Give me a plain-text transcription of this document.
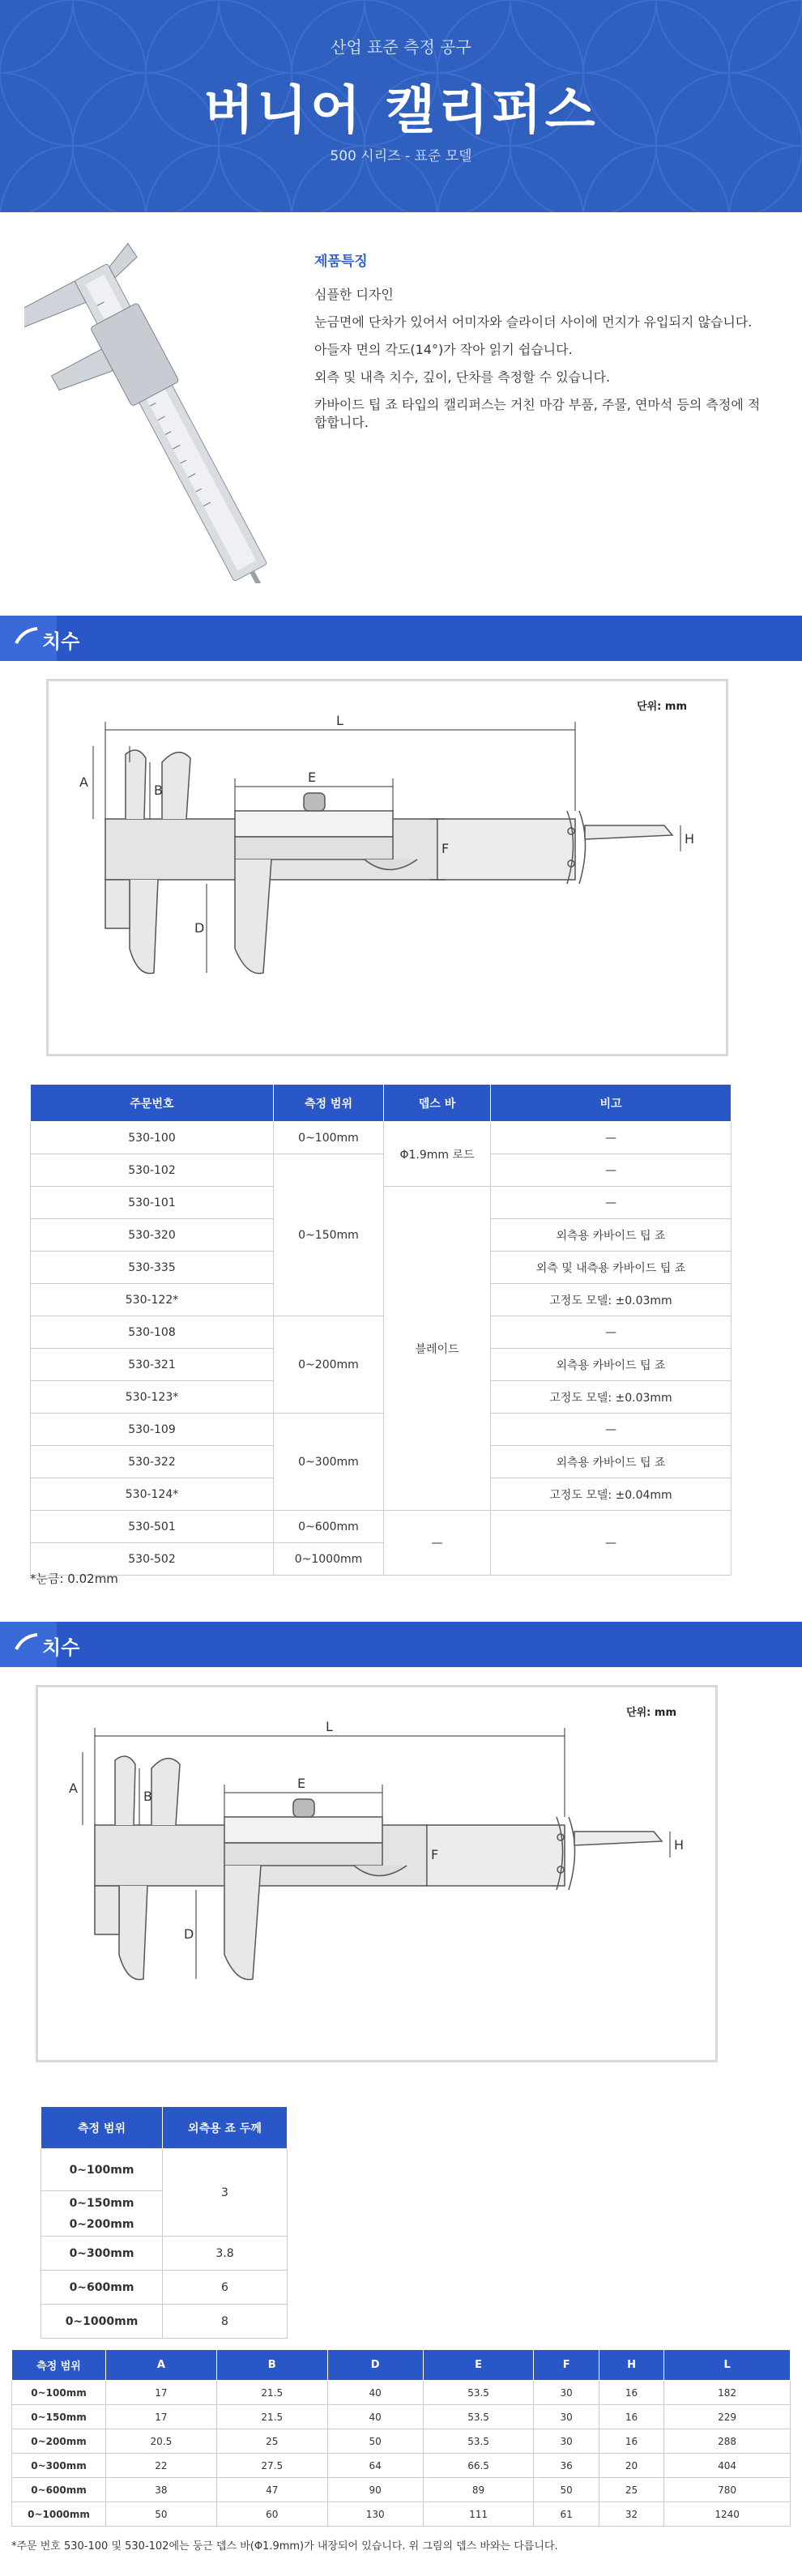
산업 표준 측정 공구
버니어 캘리퍼스
500 시리즈 - 표준 모델
제품특징

심플한 디자인

눈금면에 단차가 있어서 어미자와 슬라이더 사이에 먼지가 유입되지 않습니다.

아들자 면의 각도(14°)가 작아 읽기 쉽습니다.

외측 및 내측 치수, 깊이, 단차를 측정할 수 있습니다.

카바이드 팁 죠 타입의 캘리퍼스는 거친 마감 부품, 주물, 연마석 등의 측정에 적합합니다.

치수
단위: mm
L
A
B
E
F
H
D
주문번호	측정 범위	뎁스 바	비고
530-100	0~100mm	Φ1.9mm 로드	—
530-102	0~150mm		—
530-101		블레이드	—
530-320			외측용 카바이드 팁 죠
530-335			외측 및 내측용 카바이드 팁 죠
530-122*			고정도 모델: ±0.03mm
530-108	0~200mm		—
530-321			외측용 카바이드 팁 죠
530-123*			고정도 모델: ±0.03mm
530-109	0~300mm		—
530-322			외측용 카바이드 팁 죠
530-124*			고정도 모델: ±0.04mm
530-501	0~600mm	—	—
530-502	0~1000mm		
*눈금: 0.02mm
치수
단위: mm
L
A
B
E
F
H
D
측정 범위	외측용 죠 두께
0~100mm	3

0~150mm
0~200mm	

0~300mm	3.8
0~600mm	6
0~1000mm	8
측정 범위	A	B	D	E	F	H	L
0~100mm	17	21.5	40	53.5	30	16	182
0~150mm	17	21.5	40	53.5	30	16	229
0~200mm	20.5	25	50	53.5	30	16	288
0~300mm	22	27.5	64	66.5	36	20	404
0~600mm	38	47	90	89	50	25	780
0~1000mm	50	60	130	111	61	32	1240
*주문 번호 530-100 및 530-102에는 둥근 뎁스 바(Φ1.9mm)가 내장되어 있습니다. 위 그림의 뎁스 바와는 다릅니다.
